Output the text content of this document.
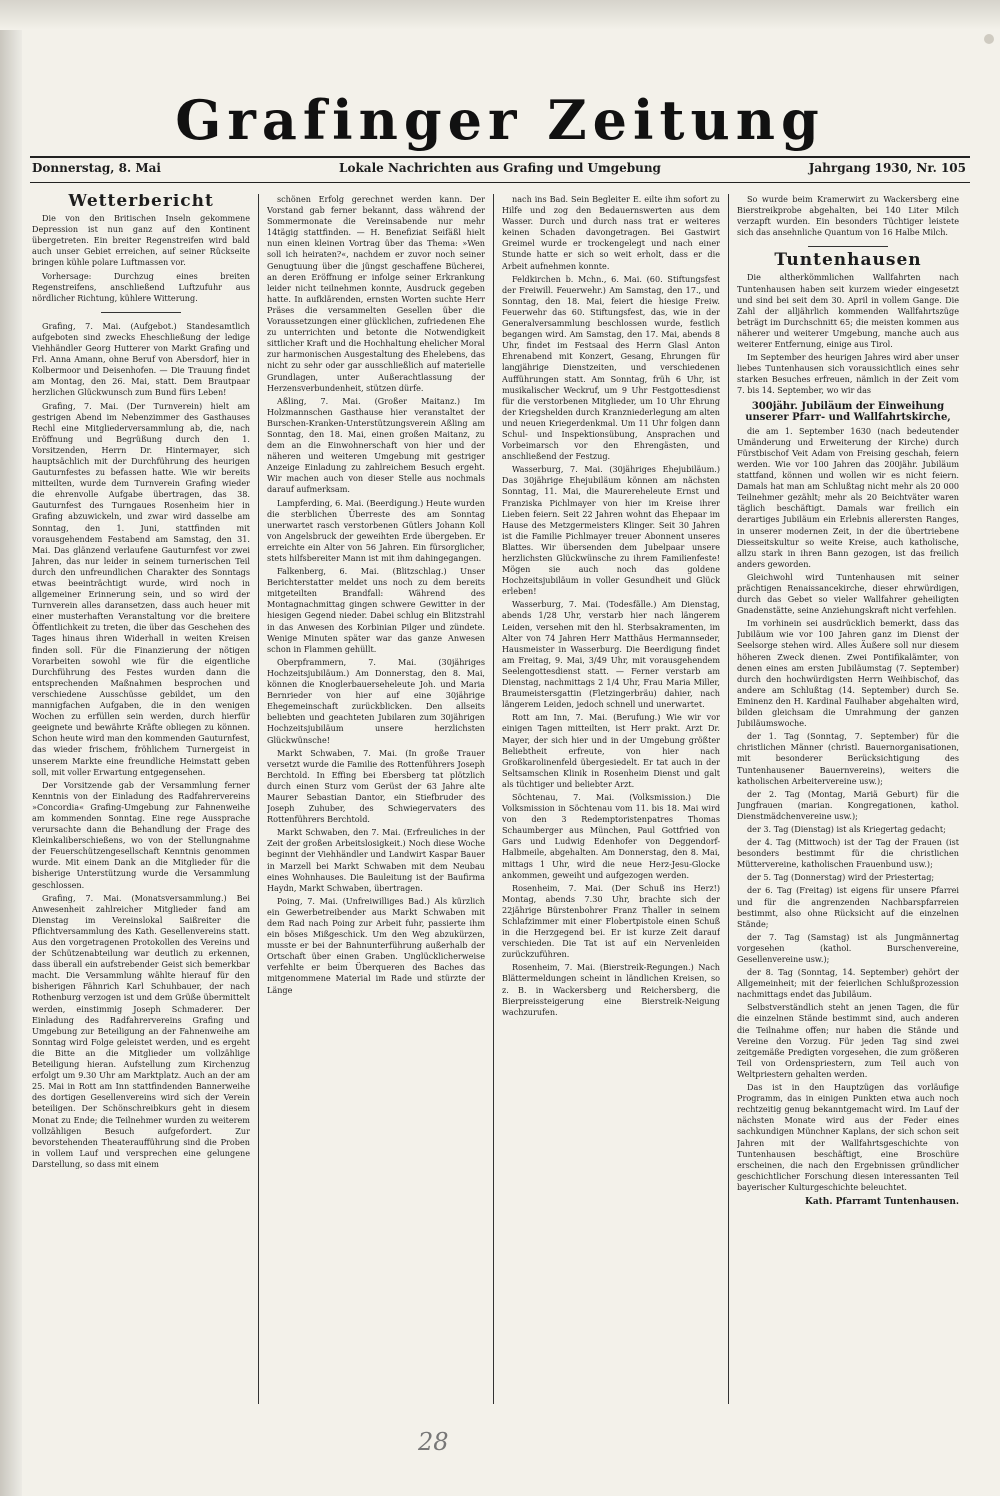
Grafinger Zeitung
Donnerstag, 8. Mai	Lokale Nachrichten aus Grafing und Umgebung	Jahrgang 1930, Nr. 105
Wetterbericht

Die von den Britischen Inseln gekommene Depression ist nun ganz auf den Kontinent übergetreten. Ein breiter Regenstreifen wird bald auch unser Gebiet erreichen, auf seiner Rückseite bringen kühle polare Luftmassen vor.

Vorhersage: Durchzug eines breiten Regenstreifens, anschließend Luftzufuhr aus nördlicher Richtung, kühlere Witterung.

Grafing, 7. Mai. (Aufgebot.) Standesamtlich aufgeboten sind zwecks Eheschließung der ledige Viehhändler Georg Hutterer von Markt Grafing und Frl. Anna Amann, ohne Beruf von Abersdorf, hier in Kolbermoor und Deisenhofen. — Die Trauung findet am Montag, den 26. Mai, statt. Dem Brautpaar herzlichen Glückwunsch zum Bund fürs Leben!

Grafing, 7. Mai. (Der Turnverein) hielt am gestrigen Abend im Nebenzimmer des Gasthauses Rechl eine Mitgliederversammlung ab, die, nach Eröffnung und Begrüßung durch den 1. Vorsitzenden, Herrn Dr. Hintermayer, sich hauptsächlich mit der Durchführung des heurigen Gauturnfestes zu befassen hatte. Wie wir bereits mitteilten, wurde dem Turnverein Grafing wieder die ehrenvolle Aufgabe übertragen, das 38. Gauturnfest des Turngaues Rosenheim hier in Grafing abzuwickeln, und zwar wird dasselbe am Sonntag, den 1. Juni, stattfinden mit vorausgehendem Festabend am Samstag, den 31. Mai. Das glänzend verlaufene Gauturnfest vor zwei Jahren, das nur leider in seinem turnerischen Teil durch den unfreundlichen Charakter des Sonntags etwas beeinträchtigt wurde, wird noch in allgemeiner Erinnerung sein, und so wird der Turnverein alles daransetzen, dass auch heuer mit einer musterhaften Veranstaltung vor die breitere Öffentlichkeit zu treten, die über das Geschehen des Tages hinaus ihren Widerhall in weiten Kreisen finden soll. Für die Finanzierung der nötigen Vorarbeiten sowohl wie für die eigentliche Durchführung des Festes wurden dann die entsprechenden Maßnahmen besprochen und verschiedene Ausschüsse gebildet, um den mannigfachen Aufgaben, die in den wenigen Wochen zu erfüllen sein werden, durch hierfür geeignete und bewährte Kräfte obliegen zu können. Schon heute wird man den kommenden Gauturnfest, das wieder frischem, fröhlichem Turnergeist in unserem Markte eine freundliche Heimstatt geben soll, mit voller Erwartung entgegensehen.

Der Vorsitzende gab der Versammlung ferner Kenntnis von der Einladung des Radfahrervereins »Concordia« Grafing-Umgebung zur Fahnenweihe am kommenden Sonntag. Eine rege Aussprache verursachte dann die Behandlung der Frage des Kleinkaliberschießens, wo von der Stellungnahme der Feuerschützengesellschaft Kenntnis genommen wurde. Mit einem Dank an die Mitglieder für die bisherige Unterstützung wurde die Versammlung geschlossen.

Grafing, 7. Mai. (Monatsversammlung.) Bei Anwesenheit zahlreicher Mitglieder fand am Dienstag im Vereinslokal Saißreiter die Pflichtversammlung des Kath. Gesellenvereins statt. Aus den vorgetragenen Protokollen des Vereins und der Schützenabteilung war deutlich zu erkennen, dass überall ein aufstrebender Geist sich bemerkbar macht. Die Versammlung wählte hierauf für den bisherigen Fähnrich Karl Schuhbauer, der nach Rothenburg verzogen ist und dem Grüße übermittelt werden, einstimmig Joseph Schmaderer. Der Einladung des Radfahrervereins Grafing und Umgebung zur Beteiligung an der Fahnenweihe am Sonntag wird Folge geleistet werden, und es ergeht die Bitte an die Mitglieder um vollzählige Beteiligung hieran. Aufstellung zum Kirchenzug erfolgt um 9.30 Uhr am Marktplatz. Auch an der am 25. Mai in Rott am Inn stattfindenden Bannerweihe des dortigen Gesellenvereins wird sich der Verein beteiligen. Der Schönschreibkurs geht in diesem Monat zu Ende; die Teilnehmer wurden zu weiterem vollzähligen Besuch aufgefordert. Zur bevorstehenden Theateraufführung sind die Proben in vollem Lauf und versprechen eine gelungene Darstellung, so dass mit einem

schönen Erfolg gerechnet werden kann. Der Vorstand gab ferner bekannt, dass während der Sommermonate die Vereinsabende nur mehr 14tägig stattfinden. — H. Benefiziat Seifäßl hielt nun einen kleinen Vortrag über das Thema: »Wen soll ich heiraten?«, nachdem er zuvor noch seiner Genugtuung über die jüngst geschaffene Bücherei, an deren Eröffnung er infolge seiner Erkrankung leider nicht teilnehmen konnte, Ausdruck gegeben hatte. In aufklärenden, ernsten Worten suchte Herr Präses die versammelten Gesellen über die Voraussetzungen einer glücklichen, zufriedenen Ehe zu unterrichten und betonte die Notwendigkeit sittlicher Kraft und die Hochhaltung ehelicher Moral zur harmonischen Ausgestaltung des Ehelebens, das nicht zu sehr oder gar ausschließlich auf materielle Grundlagen, unter Außerachtlassung der Herzensverbundenheit, stützen dürfe.

Aßling, 7. Mai. (Großer Maitanz.) Im Holzmannschen Gasthause hier veranstaltet der Burschen-Kranken-Unterstützungsverein Aßling am Sonntag, den 18. Mai, einen großen Maitanz, zu dem an die Einwohnerschaft von hier und der näheren und weiteren Umgebung mit gestriger Anzeige Einladung zu zahlreichem Besuch ergeht. Wir machen auch von dieser Stelle aus nochmals darauf aufmerksam.

Lampferding, 6. Mai. (Beerdigung.) Heute wurden die sterblichen Überreste des am Sonntag unerwartet rasch verstorbenen Gütlers Johann Koll von Angelsbruck der geweihten Erde übergeben. Er erreichte ein Alter von 56 Jahren. Ein fürsorglicher, stets hilfsbereiter Mann ist mit ihm dahingegangen.

Falkenberg, 6. Mai. (Blitzschlag.) Unser Berichterstatter meldet uns noch zu dem bereits mitgeteilten Brandfall: Während des Montagnachmittag gingen schwere Gewitter in der hiesigen Gegend nieder. Dabei schlug ein Blitzstrahl in das Anwesen des Korbinian Pilger und zündete. Wenige Minuten später war das ganze Anwesen schon in Flammen gehüllt.

Oberpframmern, 7. Mai. (30jähriges Hochzeitsjubiläum.) Am Donnerstag, den 8. Mai, können die Knoglerbauerseheleute Joh. und Maria Bernrieder von hier auf eine 30jährige Ehegemeinschaft zurückblicken. Den allseits beliebten und geachteten Jubilaren zum 30jährigen Hochzeitsjubiläum unsere herzlichsten Glückwünsche!

Markt Schwaben, 7. Mai. (In große Trauer versetzt wurde die Familie des Rottenführers Joseph Berchtold. In Effing bei Ebersberg tat plötzlich durch einen Sturz vom Gerüst der 63 Jahre alte Maurer Sebastian Dantor, ein Stiefbruder des Joseph Zuhuber, des Schwiegervaters des Rottenführers Berchtold.

Markt Schwaben, den 7. Mai. (Erfreuliches in der Zeit der großen Arbeitslosigkeit.) Noch diese Woche beginnt der Viehhändler und Landwirt Kaspar Bauer in Marzell bei Markt Schwaben mit dem Neubau eines Wohnhauses. Die Bauleitung ist der Baufirma Haydn, Markt Schwaben, übertragen.

Poing, 7. Mai. (Unfreiwilliges Bad.) Als kürzlich ein Gewerbetreibender aus Markt Schwaben mit dem Rad nach Poing zur Arbeit fuhr, passierte ihm ein böses Mißgeschick. Um den Weg abzukürzen, musste er bei der Bahnunterführung außerhalb der Ortschaft über einen Graben. Unglücklicherweise verfehlte er beim Überqueren des Baches das mitgenommene Material im Rade und stürzte der Länge

nach ins Bad. Sein Begleiter E. eilte ihm sofort zu Hilfe und zog den Bedauernswerten aus dem Wasser. Durch und durch nass trat er weiteres keinen Schaden davongetragen. Bei Gastwirt Greimel wurde er trockengelegt und nach einer Stunde hatte er sich so weit erholt, dass er die Arbeit aufnehmen konnte.

Feldkirchen b. Mchn., 6. Mai. (60. Stiftungsfest der Freiwill. Feuerwehr.) Am Samstag, den 17., und Sonntag, den 18. Mai, feiert die hiesige Freiw. Feuerwehr das 60. Stiftungsfest, das, wie in der Generalversammlung beschlossen wurde, festlich begangen wird. Am Samstag, den 17. Mai, abends 8 Uhr, findet im Festsaal des Herrn Glasl Anton Ehrenabend mit Konzert, Gesang, Ehrungen für langjährige Dienstzeiten, und verschiedenen Aufführungen statt. Am Sonntag, früh 6 Uhr, ist musikalischer Weckruf, um 9 Uhr Festgottesdienst für die verstorbenen Mitglieder, um 10 Uhr Ehrung der Kriegshelden durch Kranzniederlegung am alten und neuen Kriegerdenkmal. Um 11 Uhr folgen dann Schul- und Inspektionsübung, Ansprachen und Vorbeimarsch vor den Ehrengästen, und anschließend der Festzug.

Wasserburg, 7. Mai. (30jähriges Ehejubiläum.) Das 30jährige Ehejubiläum können am nächsten Sonntag, 11. Mai, die Maurereheleute Ernst und Franziska Pichlmayer von hier im Kreise ihrer Lieben feiern. Seit 22 Jahren wohnt das Ehepaar im Hause des Metzgermeisters Klinger. Seit 30 Jahren ist die Familie Pichlmayer treuer Abonnent unseres Blattes. Wir übersenden dem Jubelpaar unsere herzlichsten Glückwünsche zu ihrem Familienfeste! Mögen sie auch noch das goldene Hochzeitsjubiläum in voller Gesundheit und Glück erleben!

Wasserburg, 7. Mai. (Todesfälle.) Am Dienstag, abends 1/28 Uhr, verstarb hier nach längerem Leiden, versehen mit den hl. Sterbsakramenten, im Alter von 74 Jahren Herr Matthäus Hermannseder, Hausmeister in Wasserburg. Die Beerdigung findet am Freitag, 9. Mai, 3/49 Uhr, mit vorausgehendem Seelengottesdienst statt. — Ferner verstarb am Dienstag, nachmittags 2 1/4 Uhr, Frau Maria Miller, Braumeistersgattin (Fletzingerbräu) dahier, nach längerem Leiden, jedoch schnell und unerwartet.

Rott am Inn, 7. Mai. (Berufung.) Wie wir vor einigen Tagen mitteilten, ist Herr prakt. Arzt Dr. Mayer, der sich hier und in der Umgebung größter Beliebtheit erfreute, von hier nach Großkarolinenfeld übergesiedelt. Er tat auch in der Seltsamschen Klinik in Rosenheim Dienst und galt als tüchtiger und beliebter Arzt.

Söchtenau, 7. Mai. (Volksmission.) Die Volksmission in Söchtenau vom 11. bis 18. Mai wird von den 3 Redemptoristenpatres Thomas Schaumberger aus München, Paul Gottfried von Gars und Ludwig Edenhofer von Deggendorf-Halbmeile, abgehalten. Am Donnerstag, den 8. Mai, mittags 1 Uhr, wird die neue Herz-Jesu-Glocke ankommen, geweiht und aufgezogen werden.

Rosenheim, 7. Mai. (Der Schuß ins Herz!) Montag, abends 7.30 Uhr, brachte sich der 22jährige Bürstenbohrer Franz Thaller in seinem Schlafzimmer mit einer Flobertpistole einen Schuß in die Herzgegend bei. Er ist kurze Zeit darauf verschieden. Die Tat ist auf ein Nervenleiden zurückzuführen.

Rosenheim, 7. Mai. (Bierstreik-Regungen.) Nach Blättermeldungen scheint in ländlichen Kreisen, so z. B. in Wackersberg und Reichersberg, die Bierpreissteigerung eine Bierstreik-Neigung wachzurufen.

So wurde beim Kramerwirt zu Wackersberg eine Bierstreikprobe abgehalten, bei 140 Liter Milch verzapft wurden. Ein besonders Tüchtiger leistete sich das ansehnliche Quantum von 16 Halbe Milch.

Tuntenhausen

Die altherkömmlichen Wallfahrten nach Tuntenhausen haben seit kurzem wieder eingesetzt und sind bei seit dem 30. April in vollem Gange. Die Zahl der alljährlich kommenden Wallfahrtszüge beträgt im Durchschnitt 65; die meisten kommen aus näherer und weiterer Umgebung, manche auch aus weiterer Entfernung, einige aus Tirol.

Im September des heurigen Jahres wird aber unser liebes Tuntenhausen sich voraussichtlich eines sehr starken Besuches erfreuen, nämlich in der Zeit vom 7. bis 14. September, wo wir das

300jähr. Jubiläum der Einweihung unserer Pfarr- und Wallfahrtskirche,

die am 1. September 1630 (nach bedeutender Umänderung und Erweiterung der Kirche) durch Fürstbischof Veit Adam von Freising geschah, feiern werden. Wie vor 100 Jahren das 200jähr. Jubiläum stattfand, können und wollen wir es nicht feiern. Damals hat man am Schlußtag nicht mehr als 20 000 Teilnehmer gezählt; mehr als 20 Beichtväter waren täglich beschäftigt. Damals war freilich ein derartiges Jubiläum ein Erlebnis allerersten Ranges, in unserer modernen Zeit, in der die übertriebene Diesseitskultur so weite Kreise, auch katholische, allzu stark in ihren Bann gezogen, ist das freilich anders geworden.

Gleichwohl wird Tuntenhausen mit seiner prächtigen Renaissancekirche, dieser ehrwürdigen, durch das Gebet so vieler Wallfahrer geheiligten Gnadenstätte, seine Anziehungskraft nicht verfehlen.

Im vorhinein sei ausdrücklich bemerkt, dass das Jubiläum wie vor 100 Jahren ganz im Dienst der Seelsorge stehen wird. Alles Äußere soll nur diesem höheren Zweck dienen. Zwei Pontifikalämter, von denen eines am ersten Jubiläumstag (7. September) durch den hochwürdigsten Herrn Weihbischof, das andere am Schlußtag (14. September) durch Se. Eminenz den H. Kardinal Faulhaber abgehalten wird, bilden gleichsam die Umrahmung der ganzen Jubiläumswoche.

der 1. Tag (Sonntag, 7. September) für die christlichen Männer (christl. Bauernorganisationen, mit besonderer Berücksichtigung des Tuntenhausener Bauernvereins), weiters die katholischen Arbeitervereine usw.);

der 2. Tag (Montag, Mariä Geburt) für die Jungfrauen (marian. Kongregationen, kathol. Dienstmädchenvereine usw.);

der 3. Tag (Dienstag) ist als Kriegertag gedacht;

der 4. Tag (Mittwoch) ist der Tag der Frauen (ist besonders bestimmt für die christlichen Müttervereine, katholischen Frauenbund usw.);

der 5. Tag (Donnerstag) wird der Priestertag;

der 6. Tag (Freitag) ist eigens für unsere Pfarrei und für die angrenzenden Nachbarspfarreien bestimmt, also ohne Rücksicht auf die einzelnen Stände;

der 7. Tag (Samstag) ist als Jungmännertag vorgesehen (kathol. Burschenvereine, Gesellenvereine usw.);

der 8. Tag (Sonntag, 14. September) gehört der Allgemeinheit; mit der feierlichen Schlußprozession nachmittags endet das Jubiläum.

Selbstverständlich steht an jenen Tagen, die für die einzelnen Stände bestimmt sind, auch anderen die Teilnahme offen; nur haben die Stände und Vereine den Vorzug. Für jeden Tag sind zwei zeitgemäße Predigten vorgesehen, die zum größeren Teil von Ordenspriestern, zum Teil auch von Weltpriestern gehalten werden.

Das ist in den Hauptzügen das vorläufige Programm, das in einigen Punkten etwa auch noch rechtzeitig genug bekanntgemacht wird. Im Lauf der nächsten Monate wird aus der Feder eines sachkundigen Münchner Kaplans, der sich schon seit Jahren mit der Wallfahrtsgeschichte von Tuntenhausen beschäftigt, eine Broschüre erscheinen, die nach den Ergebnissen gründlicher geschichtlicher Forschung diesen interessanten Teil bayerischer Kulturgeschichte beleuchtet.

Kath. Pfarramt Tuntenhausen.
28
